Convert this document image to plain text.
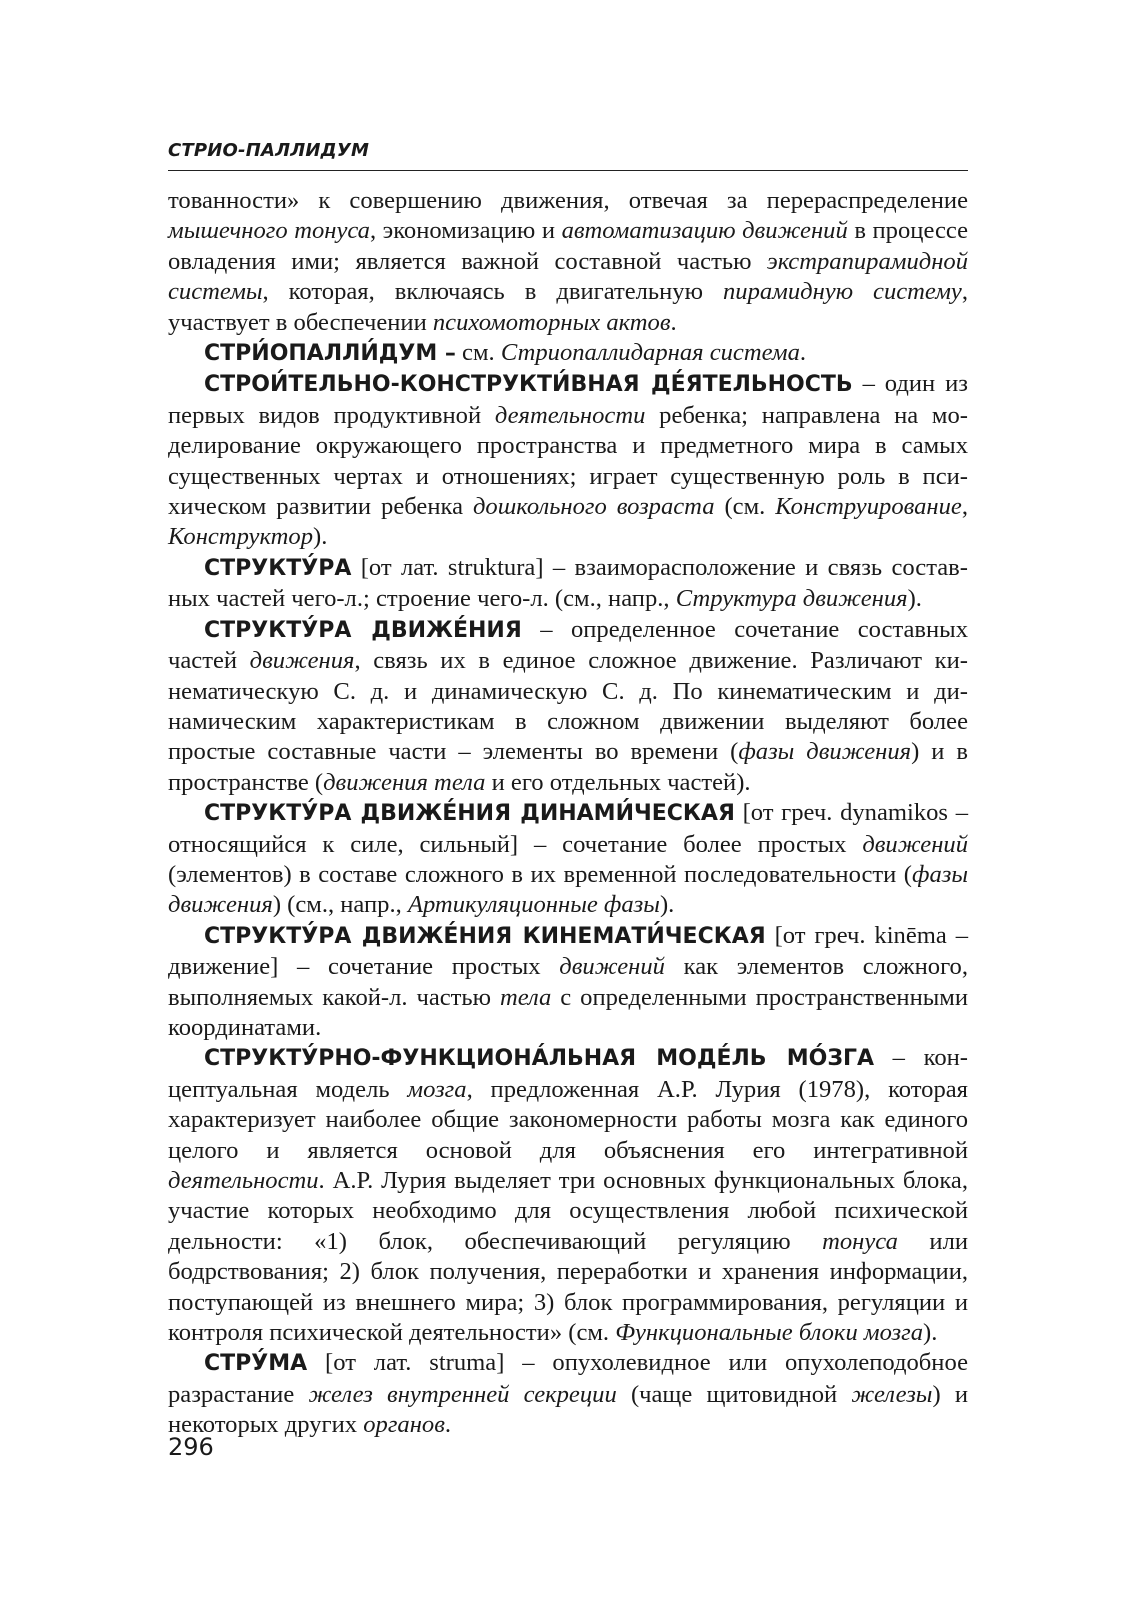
СТРИО-ПАЛЛИДУМ

тованности» к совершению движения, отвечая за перераспределение мышечного тонуса, экономизацию и автоматизацию движений в процессе овладения ими; является важной составной частью экстрапирамидной системы, которая, включаясь в двигательную пирамидную систему, участвует в обеспечении психомоторных актов.

СТРИ́ОПАЛЛИ́ДУМ – см. Стриопаллидарная система.

СТРОИ́ТЕЛЬНО-КОНСТРУКТИ́ВНАЯ ДЕ́ЯТЕЛЬНОСТЬ – один из первых видов продуктивной деятельности ребенка; направлена на моделирование окружающего пространства и предметного мира в самых существенных чертах и отношениях; играет существенную роль в психическом развитии ребенка дошкольного возраста (см. Конструирование, Конструктор).

СТРУКТУ́РА [от лат. struktura] – взаиморасположение и связь составных частей чего-л.; строение чего-л. (см., напр., Структура движения).

СТРУКТУ́РА ДВИЖЕ́НИЯ – определенное сочетание составных частей движения, связь их в единое сложное движение. Различают кинематическую С. д. и динамическую С. д. По кинематическим и динамическим характеристикам в сложном движении выделяют более простые составные части – элементы во времени (фазы движения) и в пространстве (движения тела и его отдельных частей).

СТРУКТУ́РА ДВИЖЕ́НИЯ ДИНАМИ́ЧЕСКАЯ [от греч. dynamikos – относящийся к силе, сильный] – сочетание более простых движений (элементов) в составе сложного в их временной последовательности (фазы движения) (см., напр., Артикуляционные фазы).

СТРУКТУ́РА ДВИЖЕ́НИЯ КИНЕМАТИ́ЧЕСКАЯ [от греч. kinēma – движение] – сочетание простых движений как элементов сложного, выполняемых какой-л. частью тела с определенными пространственными координатами.

СТРУКТУ́РНО-ФУНКЦИОНА́ЛЬНАЯ МОДЕ́ЛЬ МО́ЗГА – концептуальная модель мозга, предложенная А.Р. Лурия (1978), которая характеризует наиболее общие закономерности работы мозга как единого целого и является основой для объяснения его интегративной деятельности. А.Р. Лурия выделяет три основных функциональных блока, участие которых необходимо для осуществления любой психической дельности: «1) блок, обеспечивающий регуляцию тонуса или бодрствования; 2) блок получения, переработки и хранения информации, поступающей из внешнего мира; 3) блок программирования, регуляции и контроля психической деятельности» (см. Функциональные блоки мозга).

СТРУ́МА [от лат. struma] – опухолевидное или опухолеподобное разрастание желез внутренней секреции (чаще щитовидной железы) и некоторых других органов.

296
